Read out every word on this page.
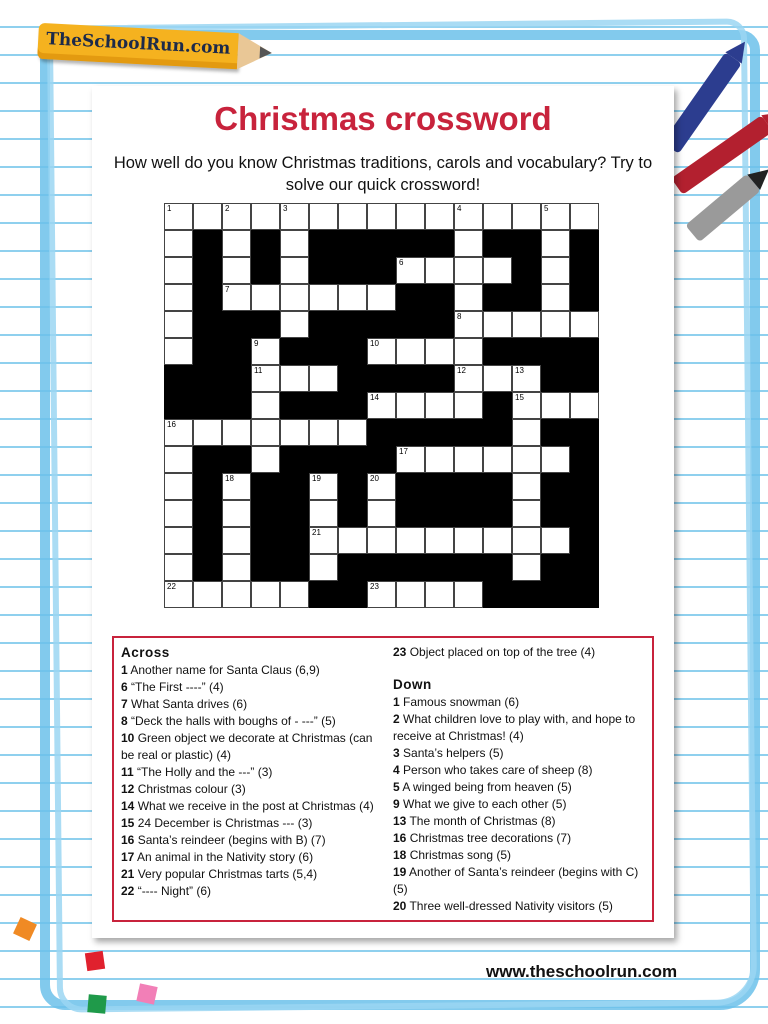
TheSchoolRun.com
Christmas crossword
How well do you know Christmas traditions, carols and vocabulary? Try to solve our quick crossword!
1	2	3	4	5
6
7
8
9	10
11	12	13
14	15
16
17
18	19	20
21
22	23
Across
1 Another name for Santa Claus (6,9)
6 “The First ----” (4)
7 What Santa drives (6)
8 “Deck the halls with boughs of - ---” (5)
10 Green object we decorate at Christmas (can be real or plastic) (4)
11 “The Holly and the ---” (3)
12 Christmas colour (3)
14 What we receive in the post at Christmas (4)
15 24 December is Christmas --- (3)
16 Santa’s reindeer (begins with B) (7)
17 An animal in the Nativity story (6)
21 Very popular Christmas tarts (5,4)
22 “---- Night” (6)
23 Object placed on top of the tree (4)
Down
1 Famous snowman (6)
2 What children love to play with, and hope to receive at Christmas! (4)
3 Santa’s helpers (5)
4 Person who takes care of sheep (8)
5 A winged being from heaven (5)
9 What we give to each other (5)
13 The month of Christmas (8)
16 Christmas tree decorations (7)
18 Christmas song (5)
19 Another of Santa’s reindeer (begins with C) (5)
20 Three well-dressed Nativity visitors (5)
www.theschoolrun.com
